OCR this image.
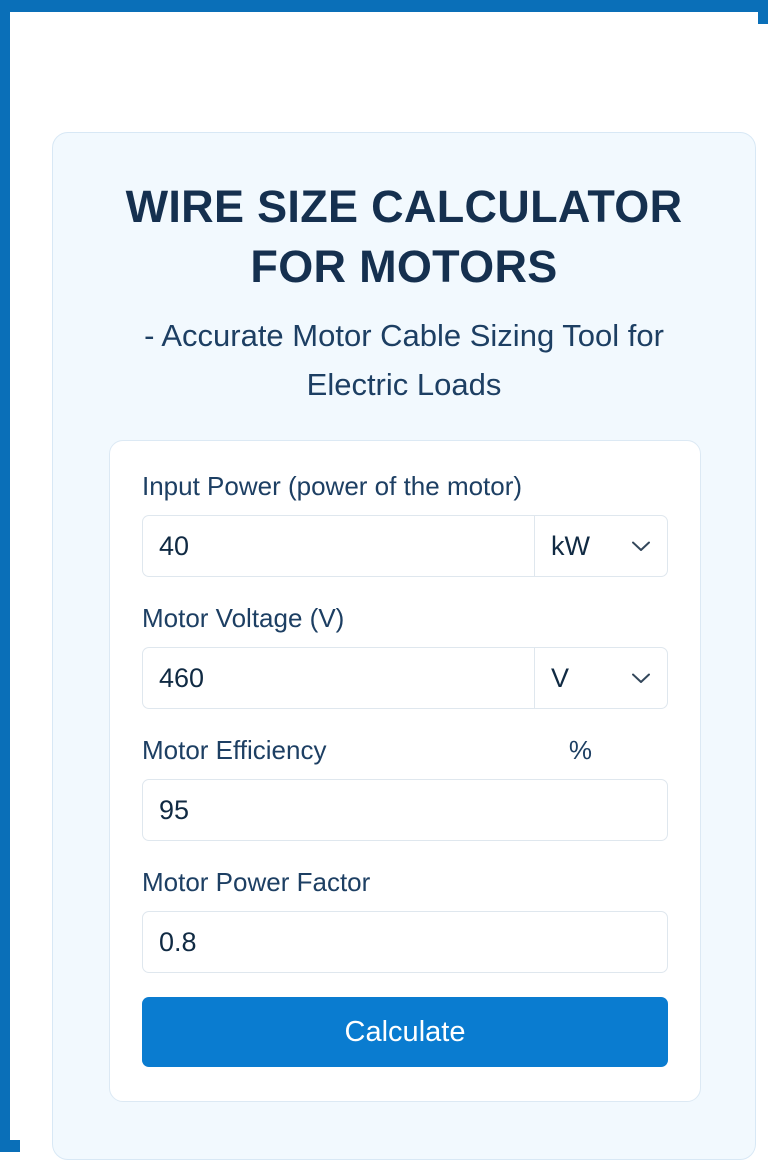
WIRE SIZE CALCULATOR FOR MOTORS

- Accurate Motor Cable Sizing Tool for Electric Loads

Input Power (power of the motor)
40
kW
Motor Voltage (V)
460
V
Motor Efficiency	%
95
Motor Power Factor
0.8
Calculate
